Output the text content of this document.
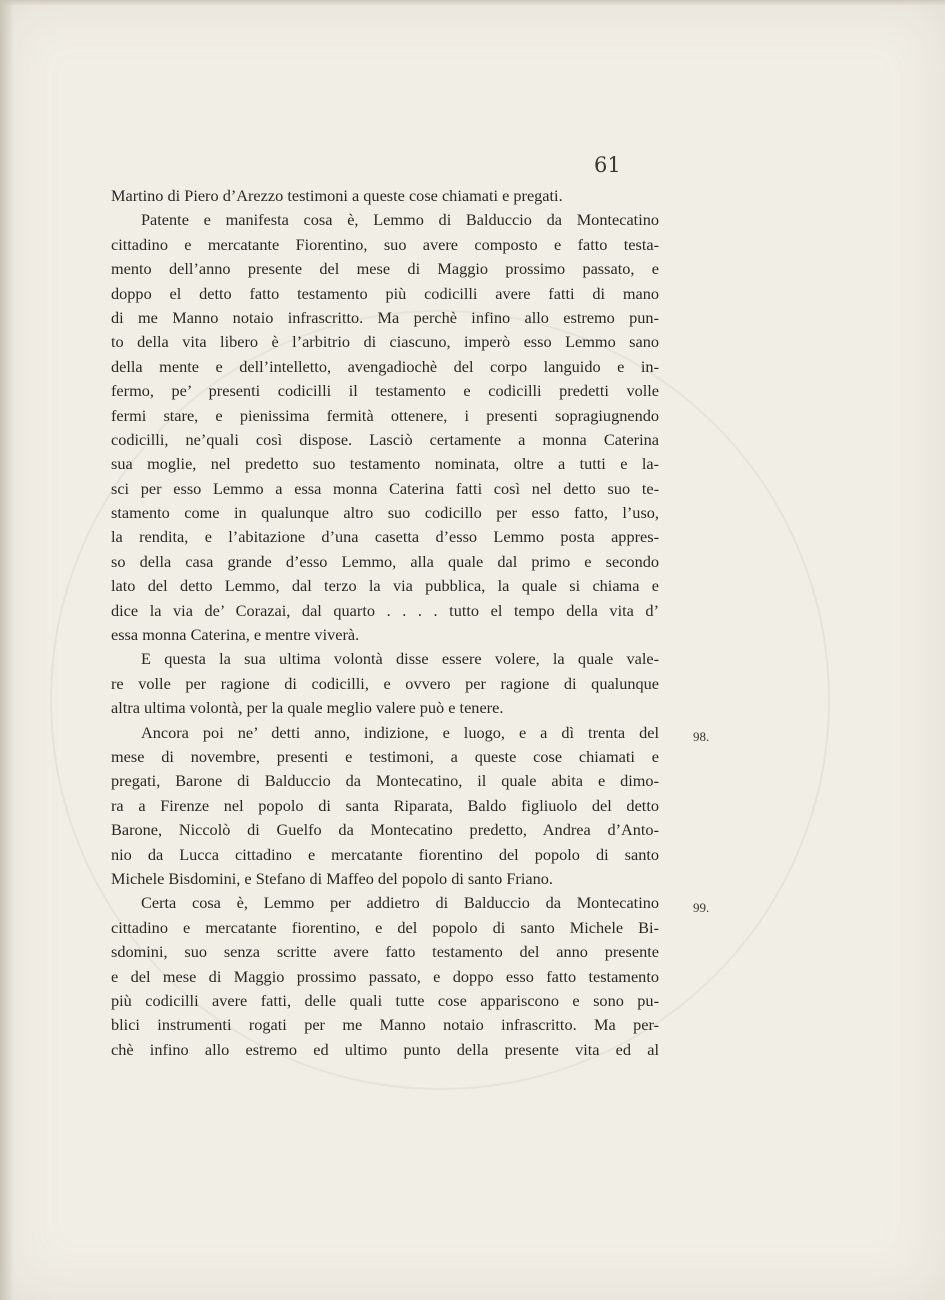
61
Martino di Piero d’Arezzo testimoni a queste cose chiamati e pregati.
Patente e manifesta cosa è, Lemmo di Balduccio da Montecatino
cittadino e mercatante Fiorentino, suo avere composto e fatto testa-
mento dell’anno presente del mese di Maggio prossimo passato, e
doppo el detto fatto testamento più codicilli avere fatti di mano
di me Manno notaio infrascritto. Ma perchè infino allo estremo pun-
to della vita libero è l’arbitrio di ciascuno, imperò esso Lemmo sano
della mente e dell’intelletto, avengadiochè del corpo languido e in-
fermo, pe’ presenti codicilli il testamento e codicilli predetti volle
fermi stare, e pienissima fermità ottenere, i presenti sopragiugnendo
codicilli, ne’quali così dispose. Lasciò certamente a monna Caterina
sua moglie, nel predetto suo testamento nominata, oltre a tutti e la-
sci per esso Lemmo a essa monna Caterina fatti così nel detto suo te-
stamento come in qualunque altro suo codicillo per esso fatto, l’uso,
la rendita, e l’abitazione d’una casetta d’esso Lemmo posta appres-
so della casa grande d’esso Lemmo, alla quale dal primo e secondo
lato del detto Lemmo, dal terzo la via pubblica, la quale si chiama e
dice la via de’ Corazai, dal quarto . . . . tutto el tempo della vita d’
essa monna Caterina, e mentre viverà.
E questa la sua ultima volontà disse essere volere, la quale vale-
re volle per ragione di codicilli, e ovvero per ragione di qualunque
altra ultima volontà, per la quale meglio valere può e tenere.
Ancora poi ne’ detti anno, indizione, e luogo, e a dì trenta del
mese di novembre, presenti e testimoni, a queste cose chiamati e
pregati, Barone di Balduccio da Montecatino, il quale abita e dimo-
ra a Firenze nel popolo di santa Riparata, Baldo figliuolo del detto
Barone, Niccolò di Guelfo da Montecatino predetto, Andrea d’Anto-
nio da Lucca cittadino e mercatante fiorentino del popolo di santo
Michele Bisdomini, e Stefano di Maffeo del popolo di santo Friano.
Certa cosa è, Lemmo per addietro di Balduccio da Montecatino
cittadino e mercatante fiorentino, e del popolo di santo Michele Bi-
sdomini, suo senza scritte avere fatto testamento del anno presente
e del mese di Maggio prossimo passato, e doppo esso fatto testamento
più codicilli avere fatti, delle quali tutte cose appariscono e sono pu-
blici instrumenti rogati per me Manno notaio infrascritto. Ma per-
chè infino allo estremo ed ultimo punto della presente vita ed al
98.
99.
